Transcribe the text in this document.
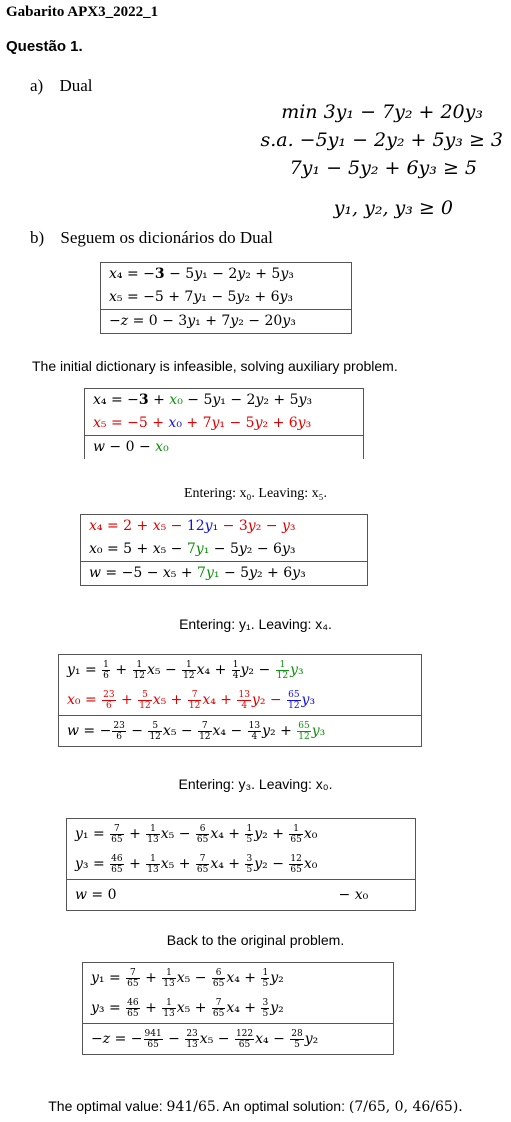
Gabarito APX3_2022_1
Questão 1.
a) Dual
min 3y₁ − 7y₂ + 20y₃
s.a. −5y₁ − 2y₂ + 5y₃ ≥ 3
7y₁ − 5y₂ + 6y₃ ≥ 5
y₁, y₂, y₃ ≥ 0
b) Seguem os dicionários do Dual
x₄ = −3 − 5y₁ − 2y₂ + 5y₃
x₅ = −5 + 7y₁ − 5y₂ + 6y₃
−z = 0 − 3y₁ + 7y₂ − 20y₃
The initial dictionary is infeasible, solving auxiliary problem.
x₄ = −3 + x₀ − 5y₁ − 2y₂ + 5y₃
x₅ = −5 + x₀ + 7y₁ − 5y₂ + 6y₃
w − 0 − x₀
Entering: x₀. Leaving: x₅.
x₄ = 2 + x₅ − 12y₁ − 3y₂ − y₃
x₀ = 5 + x₅ − 7y₁ − 5y₂ − 6y₃
w = −5 − x₅ + 7y₁ − 5y₂ + 6y₃
Entering: y₁. Leaving: x₄.
$y_1 = \frac{1}{6} + \frac{1}{12} x_5 - \frac{1}{12} x_4 + \frac{1}{4} y_2 - \frac{1}{12} y_3$
$x_0 = \frac{23}{6} + \frac{5}{12} x_5 + \frac{7}{12} x_4 + \frac{13}{4} y_2 - \frac{65}{12} y_3$
w = − $\frac{23}{6} - \frac{5}{12} x_5 - \frac{7}{12} x_4 - \frac{13}{4} y_2 + \frac{65}{12} y_3$
Entering: y₃. Leaving: x₀.
$y_1 = \frac{7}{65} + \frac{1}{13} x_5 - \frac{6}{65} x_4 + \frac{1}{5} y_2 + \frac{1}{65} x_0$
$y_3 = \frac{46}{65} + \frac{1}{13} x_5 + \frac{7}{65} x_4 + \frac{3}{5} y_2 - \frac{12}{65} x_0$
w = 0	− x₀
Back to the original problem.
$y_1 = \frac{7}{65} + \frac{1}{13} x_5 - \frac{6}{65} x_4 + \frac{1}{5} y_2$
$y_3 = \frac{46}{65} + \frac{1}{13} x_5 + \frac{7}{65} x_4 + \frac{3}{5} y_2$
−z = − $\frac{941}{65} - \frac{23}{13} x_5 - \frac{122}{65} x_4 - \frac{28}{5} y_2$
The optimal value: 941/65. An optimal solution: (7/65, 0, 46/65).
